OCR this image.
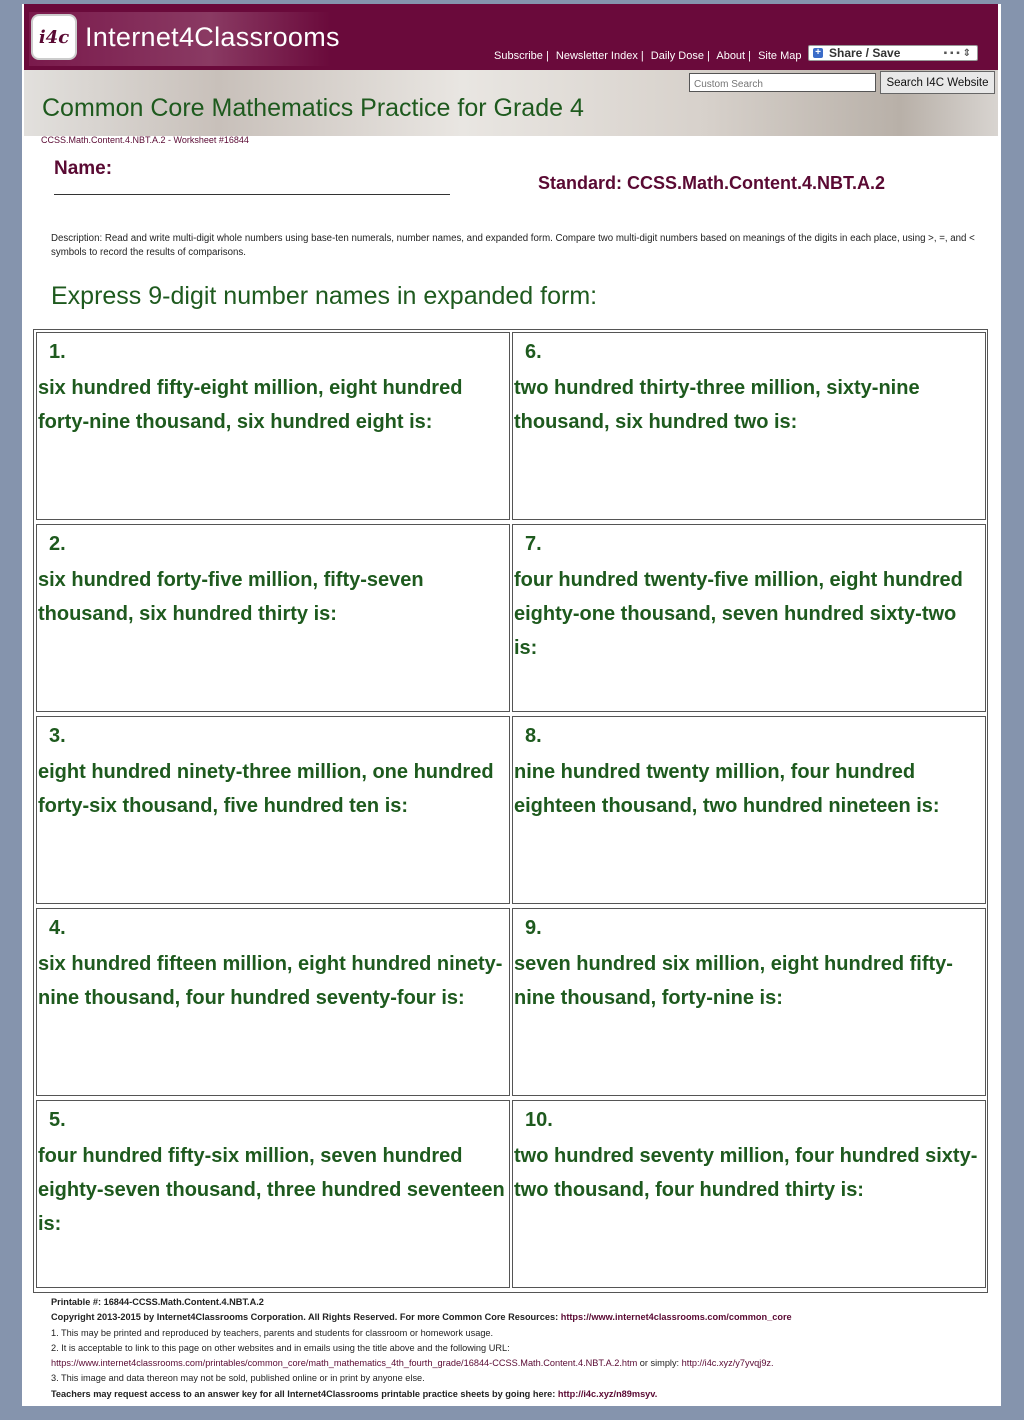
i4c Internet4Classrooms
Subscribe | Newsletter Index | Daily Dose | About | Site Map	+ Share / Save	▪ ▪ ▪ ⇕
Custom Search
Search I4C Website
Common Core Mathematics Practice for Grade 4
CCSS.Math.Content.4.NBT.A.2 - Worksheet #16844
Name:
Standard: CCSS.Math.Content.4.NBT.A.2
Description: Read and write multi-digit whole numbers using base-ten numerals, number names, and expanded form. Compare two multi-digit numbers based on meanings of the digits in each place, using >, =, and < symbols to record the results of comparisons.
Express 9-digit number names in expanded form:
1.
six hundred fifty-eight million, eight hundred forty-nine thousand, six hundred eight is:
6.
two hundred thirty-three million, sixty-nine thousand, six hundred two is:
2.
six hundred forty-five million, fifty-seven thousand, six hundred thirty is:
7.
four hundred twenty-five million, eight hundred eighty-one thousand, seven hundred sixty-two is:
3.
eight hundred ninety-three million, one hundred forty-six thousand, five hundred ten is:
8.
nine hundred twenty million, four hundred eighteen thousand, two hundred nineteen is:
4.
six hundred fifteen million, eight hundred ninety-nine thousand, four hundred seventy-four is:
9.
seven hundred six million, eight hundred fifty-nine thousand, forty-nine is:
5.
four hundred fifty-six million, seven hundred eighty-seven thousand, three hundred seventeen is:
10.
two hundred seventy million, four hundred sixty-two thousand, four hundred thirty is:
Printable #: 16844-CCSS.Math.Content.4.NBT.A.2
Copyright 2013-2015 by Internet4Classrooms Corporation. All Rights Reserved. For more Common Core Resources: https://www.internet4classrooms.com/common_core
1. This may be printed and reproduced by teachers, parents and students for classroom or homework usage.
2. It is acceptable to link to this page on other websites and in emails using the title above and the following URL:
https://www.internet4classrooms.com/printables/common_core/math_mathematics_4th_fourth_grade/16844-CCSS.Math.Content.4.NBT.A.2.htm or simply: http://i4c.xyz/y7yvqj9z.
3. This image and data thereon may not be sold, published online or in print by anyone else.
Teachers may request access to an answer key for all Internet4Classrooms printable practice sheets by going here: http://i4c.xyz/n89msyv.
